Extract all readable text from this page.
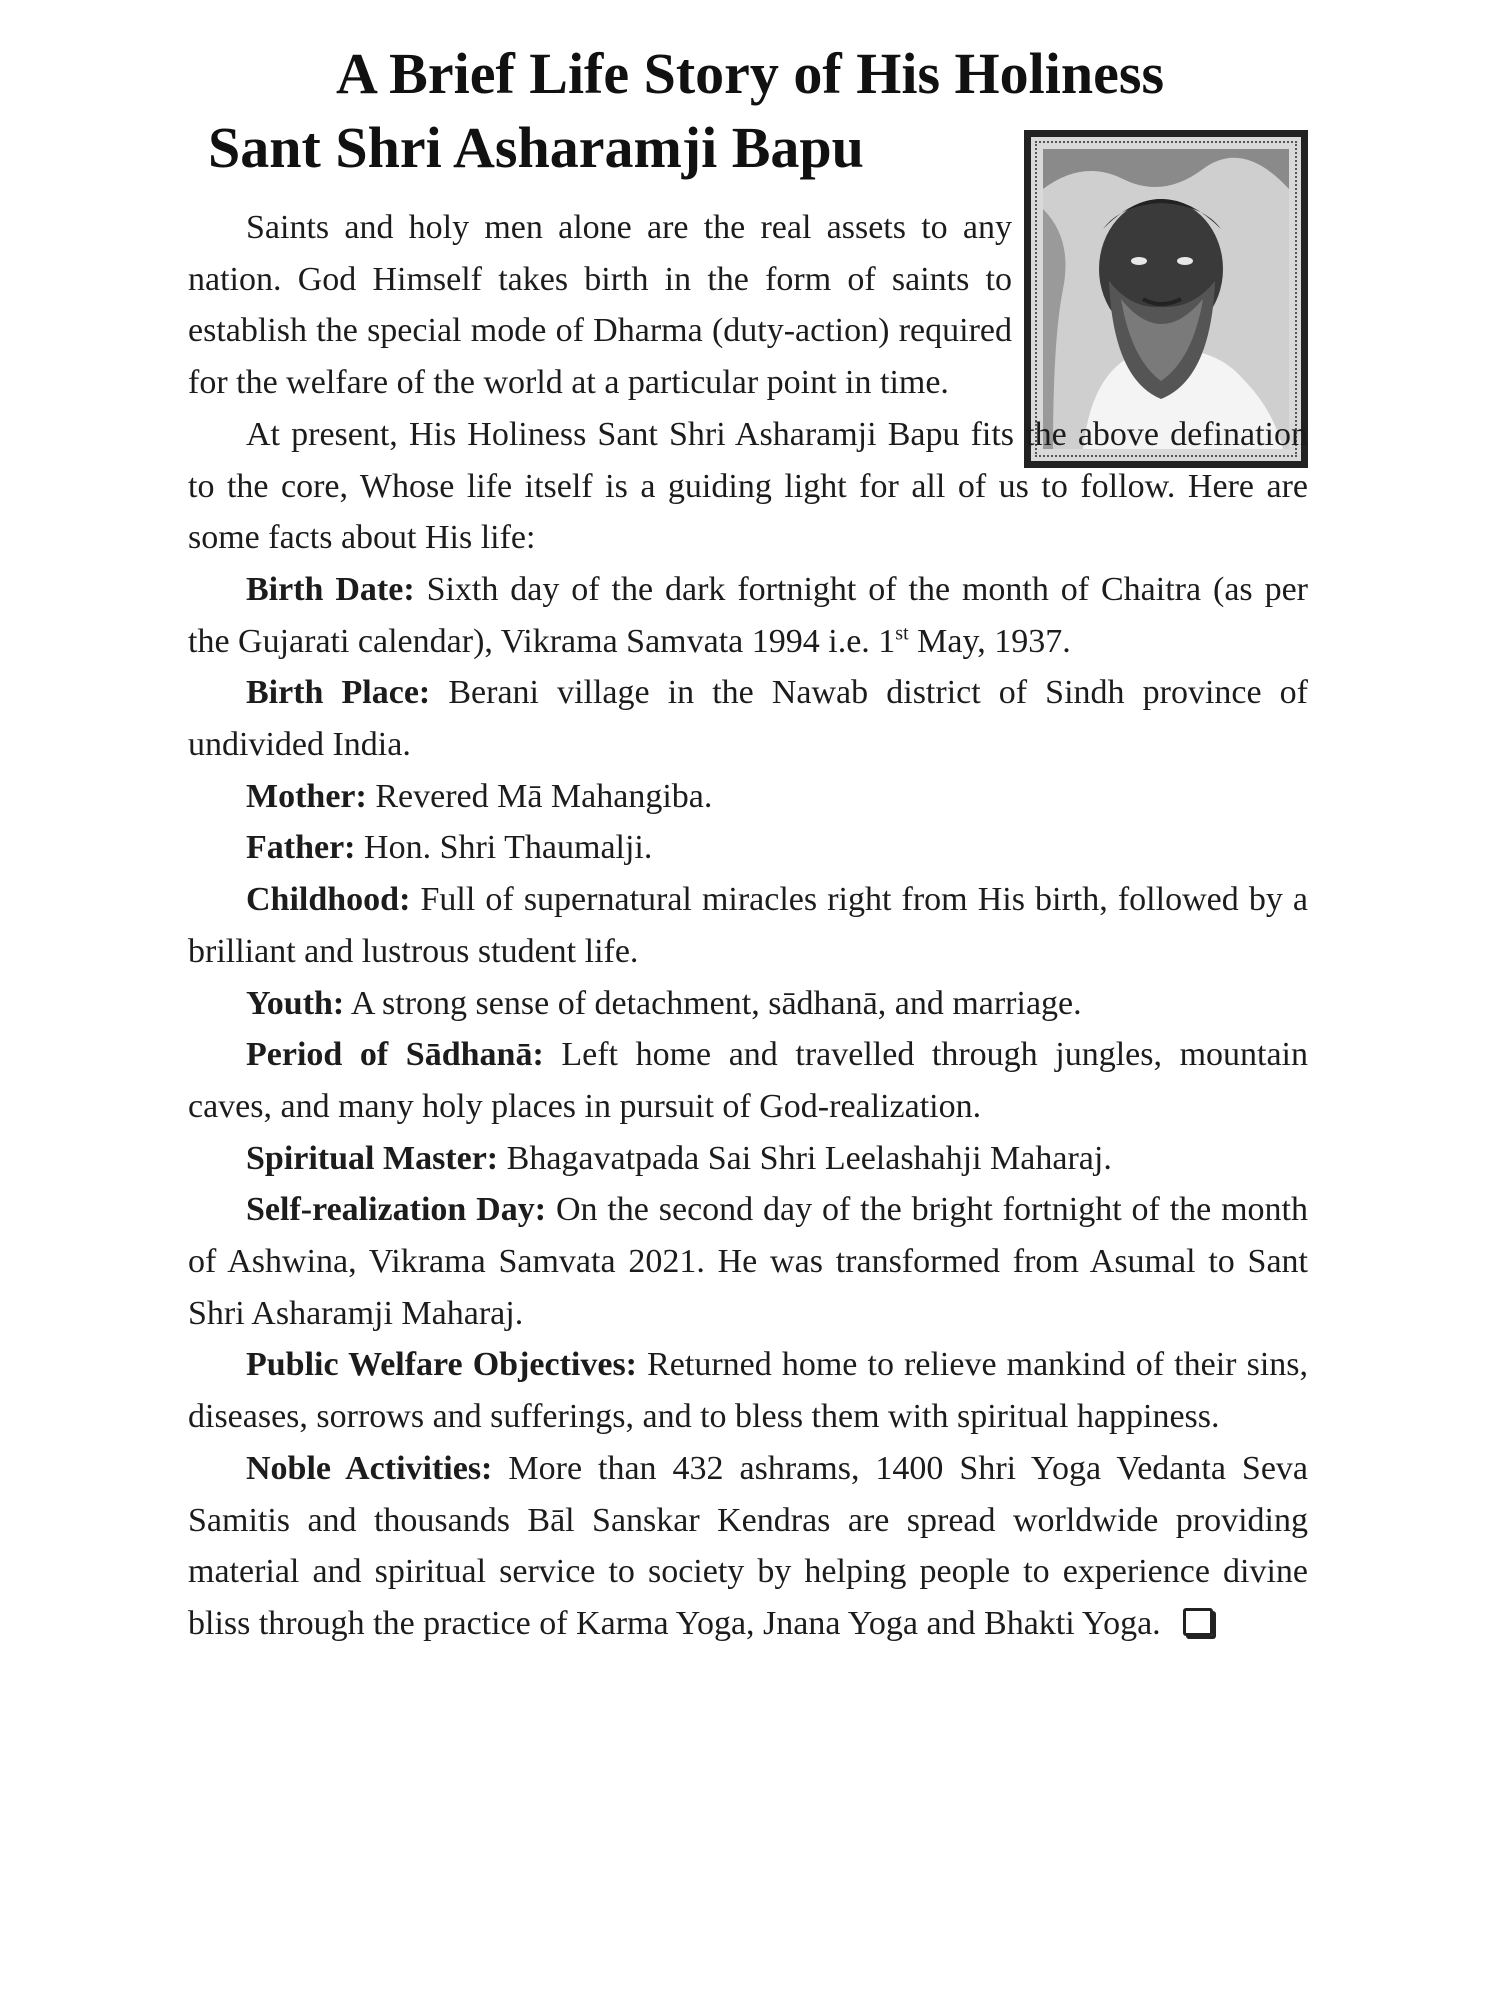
A Brief Life Story of His Holiness
Sant Shri Asharamji Bapu

Saints and holy men alone are the real assets to any nation. God Himself takes birth in the form of saints to establish the special mode of Dharma (duty-action) required for the welfare of the world at a particular point in time.

At present, His Holiness Sant Shri Asharamji Bapu fits the above defination to the core, Whose life itself is a guiding light for all of us to follow. Here are some facts about His life:

Birth Date: Sixth day of the dark fortnight of the month of Chaitra (as per the Gujarati calendar), Vikrama Samvata 1994 i.e. 1st May, 1937.

Birth Place: Berani village in the Nawab district of Sindh province of undivided India.

Mother: Revered Mā Mahangiba.

Father: Hon. Shri Thaumalji.

Childhood: Full of supernatural miracles right from His birth, followed by a brilliant and lustrous student life.

Youth: A strong sense of detachment, sādhanā, and marriage.

Period of Sādhanā: Left home and travelled through jungles, mountain caves, and many holy places in pursuit of God-realization.

Spiritual Master: Bhagavatpada Sai Shri Leelashahji Maharaj.

Self-realization Day: On the second day of the bright fortnight of the month of Ashwina, Vikrama Samvata 2021. He was transformed from Asumal to Sant Shri Asharamji Maharaj.

Public Welfare Objectives: Returned home to relieve mankind of their sins, diseases, sorrows and sufferings, and to bless them with spiritual happiness.

Noble Activities: More than 432 ashrams, 1400 Shri Yoga Vedanta Seva Samitis and thousands Bāl Sanskar Kendras are spread worldwide providing material and spiritual service to society by helping people to experience divine bliss through the practice of Karma Yoga, Jnana Yoga and Bhakti Yoga.
